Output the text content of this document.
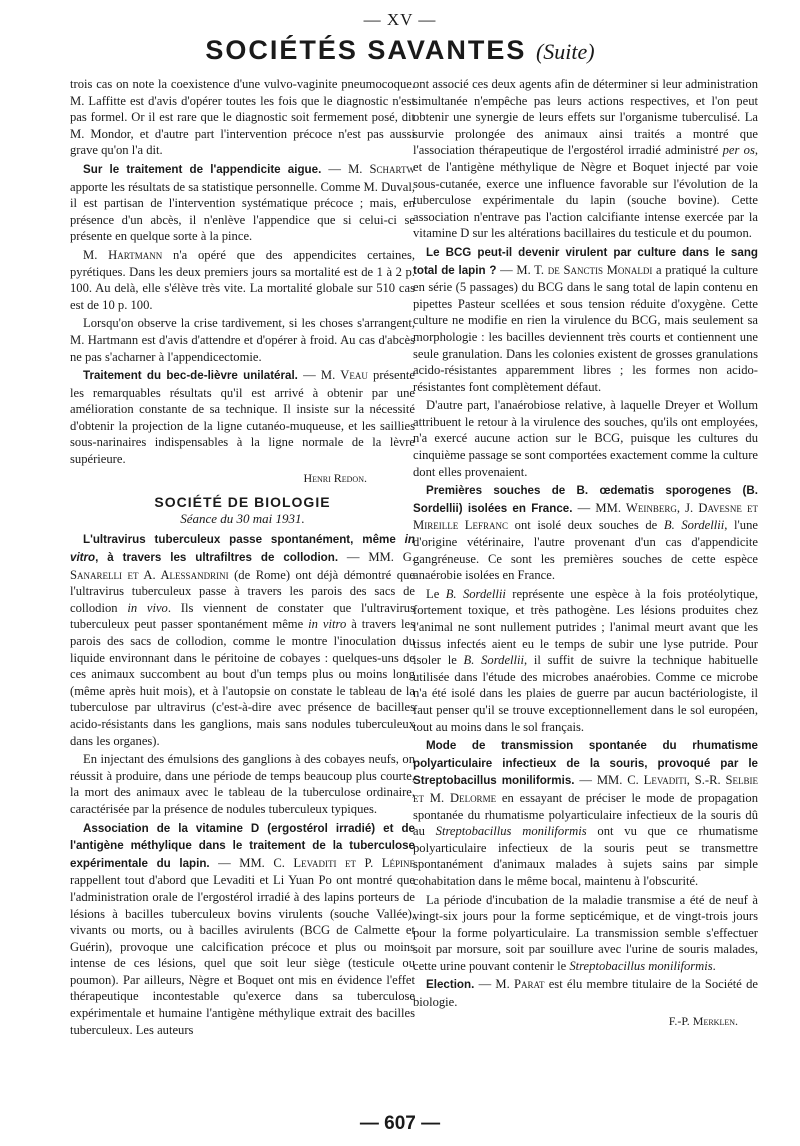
— XV —
SOCIÉTÉS SAVANTES (Suite)

trois cas on note la coexistence d'une vulvo-vaginite pneumocoque. M. Laffitte est d'avis d'opérer toutes les fois que le diagnostic n'est pas formel. Or il est rare que le diagnostic soit fermement posé, dit M. Mondor, et d'autre part l'intervention précoce n'est pas aussi grave qu'on l'a dit.

Sur le traitement de l'appendicite aigue. — M. Schartw apporte les résultats de sa statistique personnelle. Comme M. Duval, il est partisan de l'intervention systématique précoce ; mais, en présence d'un abcès, il n'enlève l'appendice que si celui-ci se présente en quelque sorte à la pince.

M. Hartmann n'a opéré que des appendicites certaines, pyrétiques. Dans les deux premiers jours sa mortalité est de 1 à 2 p. 100. Au delà, elle s'élève très vite. La mortalité globale sur 510 cas est de 10 p. 100.

Lorsqu'on observe la crise tardivement, si les choses s'arrangent, M. Hartmann est d'avis d'attendre et d'opérer à froid. Au cas d'abcès ne pas s'acharner à l'appendicectomie.

Traitement du bec-de-lièvre unilatéral. — M. Veau présente les remarquables résultats qu'il est arrivé à obtenir par une amélioration constante de sa technique. Il insiste sur la nécessité d'obtenir la projection de la ligne cutanéo-muqueuse, et les saillies sous-narinaires indispensables à la ligne normale de la lèvre supérieure.

Henri Redon.
SOCIÉTÉ DE BIOLOGIE
Séance du 30 mai 1931.

L'ultravirus tuberculeux passe spontanément, même in vitro, à travers les ultrafiltres de collodion. — MM. G. Sanarelli et A. Alessandrini (de Rome) ont déjà démontré que l'ultravirus tuberculeux passe à travers les parois des sacs de collodion in vivo. Ils viennent de constater que l'ultravirus tuberculeux peut passer spontanément même in vitro à travers les parois des sacs de collodion, comme le montre l'inoculation du liquide environnant dans le péritoine de cobayes : quelques-uns de ces animaux succombent au bout d'un temps plus ou moins long (même après huit mois), et à l'autopsie on constate le tableau de la tuberculose par ultravirus (c'est-à-dire avec présence de bacilles acido-résistants dans les ganglions, mais sans nodules tuberculeux dans les organes).

En injectant des émulsions des ganglions à des cobayes neufs, on réussit à produire, dans une période de temps beaucoup plus courte, la mort des animaux avec le tableau de la tuberculose ordinaire, caractérisée par la présence de nodules tuberculeux typiques.

Association de la vitamine D (ergostérol irradié) et de l'antigène méthylique dans le traitement de la tuberculose expérimentale du lapin. — MM. C. Levaditi et P. Lépine rappellent tout d'abord que Levaditi et Li Yuan Po ont montré que l'administration orale de l'ergostérol irradié à des lapins porteurs de lésions à bacilles tuberculeux bovins virulents (souche Vallée), vivants ou morts, ou à bacilles avirulents (BCG de Calmette et Guérin), provoque une calcification précoce et plus ou moins intense de ces lésions, quel que soit leur siège (testicule ou poumon). Par ailleurs, Nègre et Boquet ont mis en évidence l'effet thérapeutique incontestable qu'exerce dans sa tuberculose expérimentale et humaine l'antigène méthylique extrait des bacilles tuberculeux. Les auteurs

ont associé ces deux agents afin de déterminer si leur administration simultanée n'empêche pas leurs actions respectives, et l'on peut obtenir une synergie de leurs effets sur l'organisme tuberculisé. La survie prolongée des animaux ainsi traités a montré que l'association thérapeutique de l'ergostérol irradié administré per os, et de l'antigène méthylique de Nègre et Boquet injecté par voie sous-cutanée, exerce une influence favorable sur l'évolution de la tuberculose expérimentale du lapin (souche bovine). Cette association n'entrave pas l'action calcifiante intense exercée par la vitamine D sur les altérations bacillaires du testicule et du poumon.

Le BCG peut-il devenir virulent par culture dans le sang total de lapin ? — M. T. de Sanctis Monaldi a pratiqué la culture en série (5 passages) du BCG dans le sang total de lapin contenu en pipettes Pasteur scellées et sous tension réduite d'oxygène. Cette culture ne modifie en rien la virulence du BCG, mais seulement sa morphologie : les bacilles deviennent très courts et contiennent une seule granulation. Dans les colonies existent de grosses granulations acido-résistantes apparemment libres ; les formes non acido-résistantes font complètement défaut.

D'autre part, l'anaérobiose relative, à laquelle Dreyer et Wollum attribuent le retour à la virulence des souches, qu'ils ont employées, n'a exercé aucune action sur le BCG, puisque les cultures du cinquième passage se sont comportées exactement comme la culture dont elles provenaient.

Premières souches de B. œdematis sporogenes (B. Sordellii) isolées en France. — MM. Weinberg, J. Davesne et Mireille Lefranc ont isolé deux souches de B. Sordellii, l'une d'origine vétérinaire, l'autre provenant d'un cas d'appendicite gangréneuse. Ce sont les premières souches de cette espèce anaérobie isolées en France.

Le B. Sordellii représente une espèce à la fois protéolytique, fortement toxique, et très pathogène. Les lésions produites chez l'animal ne sont nullement putrides ; l'animal meurt avant que les tissus infectés aient eu le temps de subir une lyse putride. Pour isoler le B. Sordellii, il suffit de suivre la technique habituelle utilisée dans l'étude des microbes anaérobies. Comme ce microbe n'a été isolé dans les plaies de guerre par aucun bactériologiste, il faut penser qu'il se trouve exceptionnellement dans le sol européen, tout au moins dans le sol français.

Mode de transmission spontanée du rhumatisme polyarticulaire infectieux de la souris, provoqué par le Streptobacillus moniliformis. — MM. C. Levaditi, S.-R. Selbie et M. Delorme en essayant de préciser le mode de propagation spontanée du rhumatisme polyarticulaire infectieux de la souris dû au Streptobacillus moniliformis ont vu que ce rhumatisme polyarticulaire infectieux de la souris peut se transmettre spontanément d'animaux malades à sujets sains par simple cohabitation dans le même bocal, maintenu à l'obscurité.

La période d'incubation de la maladie transmise a été de neuf à vingt-six jours pour la forme septicémique, et de vingt-trois jours pour la forme polyarticulaire. La transmission semble s'effectuer soit par morsure, soit par souillure avec l'urine de souris malades, cette urine pouvant contenir le Streptobacillus moniliformis.

Election. — M. Parat est élu membre titulaire de la Société de biologie.

F.-P. Merklen.
— 607 —
